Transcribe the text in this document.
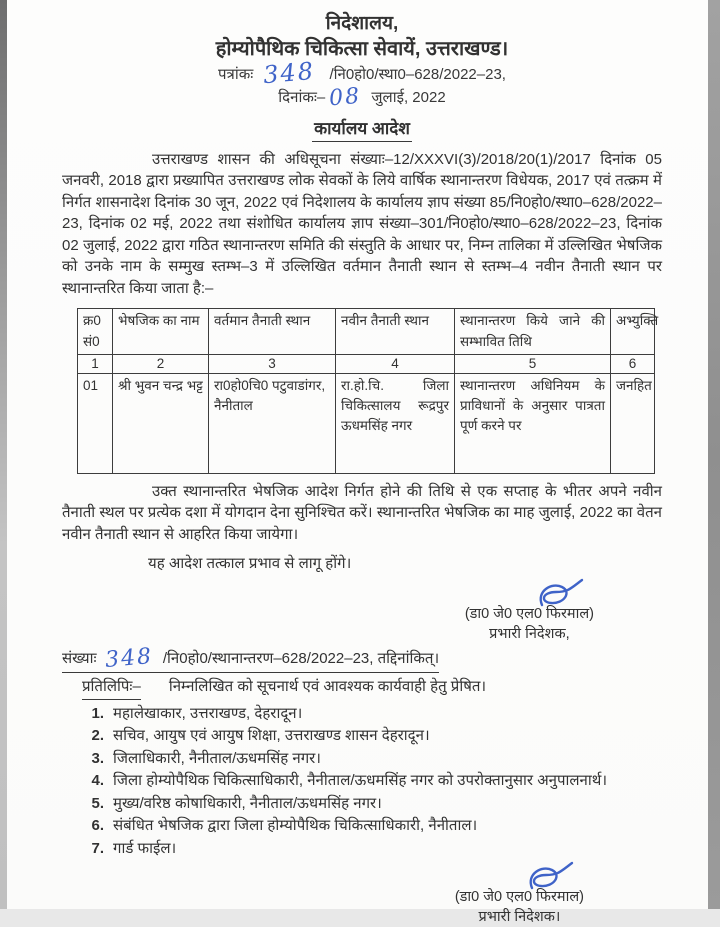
निदेशालय,
होम्योपैथिक चिकित्सा सेवायें, उत्तराखण्ड।
पत्रांकः 348 /नि0हो0/स्था0–628/2022–23,
दिनांकः– 08 जुलाई, 2022
कार्यालय आदेश

उत्तराखण्ड शासन की अधिसूचना संख्याः–12/XXXVI(3)/2018/20(1)/2017 दिनांक 05 जनवरी, 2018 द्वारा प्रख्यापित उत्तराखण्ड लोक सेवकों के लिये वार्षिक स्थानान्तरण विधेयक, 2017 एवं तत्क्रम में निर्गत शासनादेश दिनांक 30 जून, 2022 एवं निदेशालय के कार्यालय ज्ञाप संख्या 85/नि0हो0/स्था0–628/2022–23, दिनांक 02 मई, 2022 तथा संशोधित कार्यालय ज्ञाप संख्या–301/नि0हो0/स्था0–628/2022–23, दिनांक 02 जुलाई, 2022 द्वारा गठित स्थानान्तरण समिति की संस्तुति के आधार पर, निम्न तालिका में उल्लिखित भेषजिक को उनके नाम के सम्मुख स्तम्भ–3 में उल्लिखित वर्तमान तैनाती स्थान से स्तम्भ–4 नवीन तैनाती स्थान पर स्थानान्तरित किया जाता है:–

क्र0 सं0	भेषजिक का नाम	वर्तमान तैनाती स्थान	नवीन तैनाती स्थान	स्थानान्तरण किये जाने की सम्भावित तिथि	अभ्युक्ति
1	2	3	4	5	6
01	श्री भुवन चन्द्र भट्ट	रा0हो0चि0 पटुवाडांगर, नैनीताल	रा.हो.चि. जिला चिकित्सालय रूद्रपुर ऊधमसिंह नगर	स्थानान्तरण अधिनियम के प्राविधानों के अनुसार पात्रता पूर्ण करने पर	जनहित

उक्त स्थानान्तरित भेषजिक आदेश निर्गत होने की तिथि से एक सप्ताह के भीतर अपने नवीन तैनाती स्थल पर प्रत्येक दशा में योगदान देना सुनिश्चित करें। स्थानान्तरित भेषजिक का माह जुलाई, 2022 का वेतन नवीन तैनाती स्थान से आहरित किया जायेगा।

यह आदेश तत्काल प्रभाव से लागू होंगे।

(डा0 जे0 एल0 फिरमाल)
प्रभारी निदेशक,
संख्याः 348 /नि0हो0/स्थानान्तरण–628/2022–23, तद्दिनांकित्।
प्रतिलिपिः– निम्नलिखित को सूचनार्थ एवं आवश्यक कार्यवाही हेतु प्रेषित।
1. महालेखाकार, उत्तराखण्ड, देहरादून।
2. सचिव, आयुष एवं आयुष शिक्षा, उत्तराखण्ड शासन देहरादून।
3. जिलाधिकारी, नैनीताल/ऊधमसिंह नगर।
4. जिला होम्योपैथिक चिकित्साधिकारी, नैनीताल/ऊधमसिंह नगर को उपरोक्तानुसार अनुपालनार्थ।
5. मुख्य/वरिष्ठ कोषाधिकारी, नैनीताल/ऊधमसिंह नगर।
6. संबंधित भेषजिक द्वारा जिला होम्योपैथिक चिकित्साधिकारी, नैनीताल।
7. गार्ड फाईल।
(डा0 जे0 एल0 फिरमाल)
प्रभारी निदेशक।
